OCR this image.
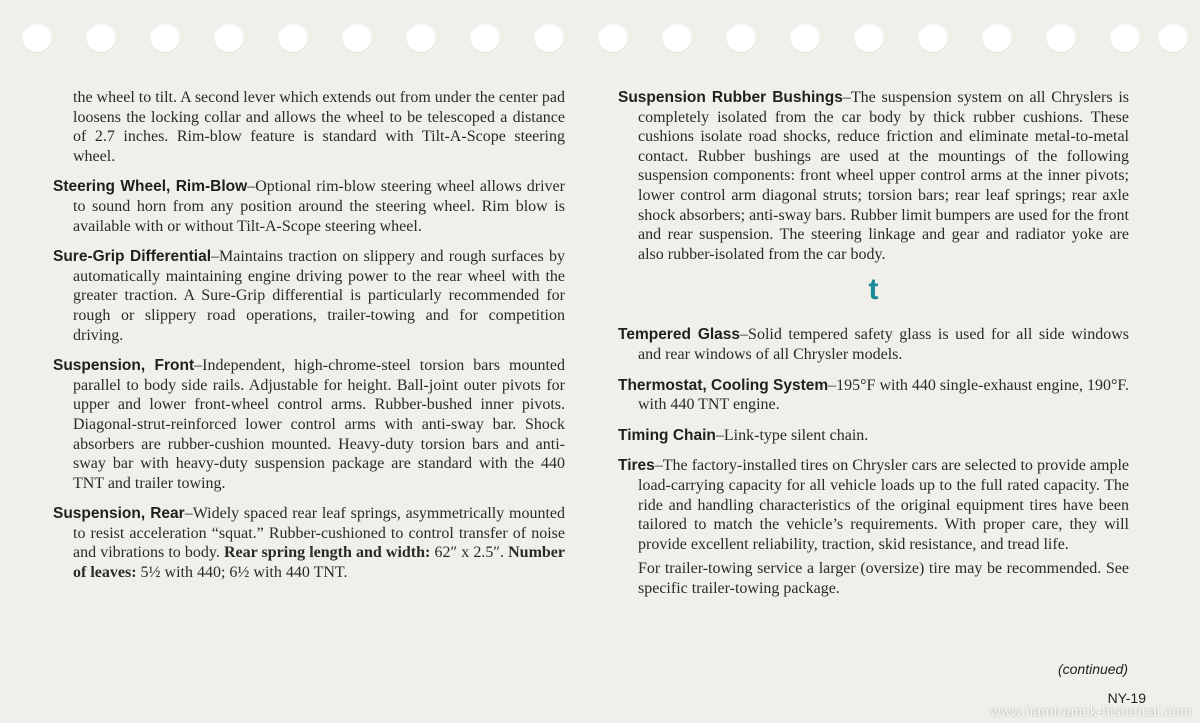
the wheel to tilt. A second lever which extends out from under the center pad loosens the locking collar and allows the wheel to be telescoped a distance of 2.7 inches. Rim-blow feature is standard with Tilt-A-Scope steering wheel.

Steering Wheel, Rim-Blow–Optional rim-blow steering wheel allows driver to sound horn from any position around the steering wheel. Rim blow is available with or without Tilt-A-Scope steering wheel.

Sure-Grip Differential–Maintains traction on slippery and rough surfaces by automatically maintaining engine driving power to the rear wheel with the greater traction. A Sure-Grip differential is particularly recommended for rough or slippery road operations, trailer-towing and for competition driving.

Suspension, Front–Independent, high-chrome-steel torsion bars mounted parallel to body side rails. Adjustable for height. Ball-joint outer pivots for upper and lower front-wheel control arms. Rubber-bushed inner pivots. Diagonal-strut-reinforced lower control arms with anti-sway bar. Shock absorbers are rubber-cushion mounted. Heavy-duty torsion bars and anti-sway bar with heavy-duty suspension package are standard with the 440 TNT and trailer towing.

Suspension, Rear–Widely spaced rear leaf springs, asymmetrically mounted to resist acceleration “squat.” Rubber-cushioned to control transfer of noise and vibrations to body. Rear spring length and width: 62″ x 2.5″. Number of leaves: 5½ with 440; 6½ with 440 TNT.

Suspension Rubber Bushings–The suspension system on all Chryslers is completely isolated from the car body by thick rubber cushions. These cushions isolate road shocks, reduce friction and eliminate metal-to-metal contact. Rubber bushings are used at the mountings of the following suspension components: front wheel upper control arms at the inner pivots; lower control arm diagonal struts; torsion bars; rear leaf springs; rear axle shock absorbers; anti-sway bars. Rubber limit bumpers are used for the front and rear suspension. The steering linkage and gear and radiator yoke are also rubber-isolated from the car body.

t

Tempered Glass–Solid tempered safety glass is used for all side windows and rear windows of all Chrysler models.

Thermostat, Cooling System–195°F with 440 single-exhaust engine, 190°F. with 440 TNT engine.

Timing Chain–Link-type silent chain.

Tires–The factory-installed tires on Chrysler cars are selected to provide ample load-carrying capacity for all vehicle loads up to the full rated capacity. The ride and handling characteristics of the original equipment tires have been tailored to match the vehicle’s requirements. With proper care, they will provide excellent reliability, traction, skid resistance, and tread life.

For trailer-towing service a larger (oversize) tire may be recommended. See specific trailer-towing package.

(continued)
NY-19
www.hamtramck-historical.com
